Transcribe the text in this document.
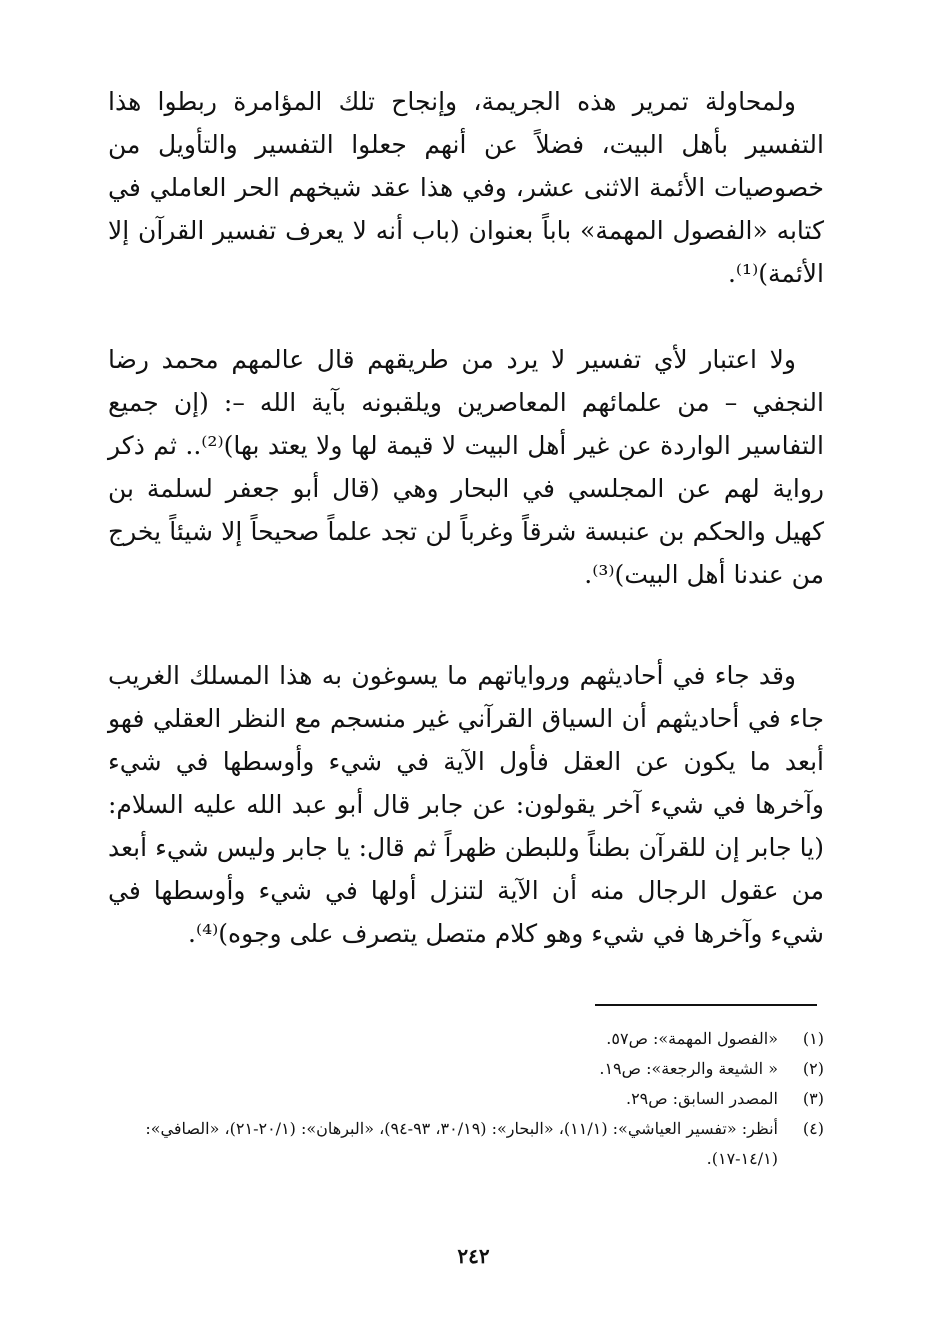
ولمحاولة تمرير هذه الجريمة، وإنجاح تلك المؤامرة ربطوا هذا التفسير بأهل البيت، فضلاً عن أنهم جعلوا التفسير والتأويل من خصوصيات الأئمة الاثنى عشر، وفي هذا عقد شيخهم الحر العاملي في كتابه «الفصول المهمة» باباً بعنوان (باب أنه لا يعرف تفسير القرآن إلا الأئمة)⁽¹⁾.

ولا اعتبار لأي تفسير لا يرد من طريقهم قال عالمهم محمد رضا النجفي – من علمائهم المعاصرين ويلقبونه بآية الله –: (إن جميع التفاسير الواردة عن غير أهل البيت لا قيمة لها ولا يعتد بها)⁽²⁾.. ثم ذكر رواية لهم عن المجلسي في البحار وهي (قال أبو جعفر لسلمة بن كهيل والحكم بن عنبسة شرقاً وغرباً لن تجد علماً صحيحاً إلا شيئاً يخرج من عندنا أهل البيت)⁽³⁾.

وقد جاء في أحاديثهم ورواياتهم ما يسوغون به هذا المسلك الغريب جاء في أحاديثهم أن السياق القرآني غير منسجم مع النظر العقلي فهو أبعد ما يكون عن العقل فأول الآية في شيء وأوسطها في شيء وآخرها في شيء آخر يقولون: عن جابر قال أبو عبد الله عليه السلام: (يا جابر إن للقرآن بطناً وللبطن ظهراً ثم قال: يا جابر وليس شيء أبعد من عقول الرجال منه أن الآية لتنزل أولها في شيء وأوسطها في شيء وآخرها في شيء وهو كلام متصل يتصرف على وجوه)⁽⁴⁾.

(١)
«الفصول المهمة»: ص٥٧.
(٢)
« الشيعة والرجعة»: ص١٩.
(٣)
المصدر السابق: ص٢٩.
(٤)
أنظر: «تفسير العياشي»: (١١/١)، «البحار»: (٣٠/١٩، ٩٣-٩٤)، «البرهان»: (٢٠/١-٢١)، «الصافي»: (١٤/١-١٧).
٢٤٢
